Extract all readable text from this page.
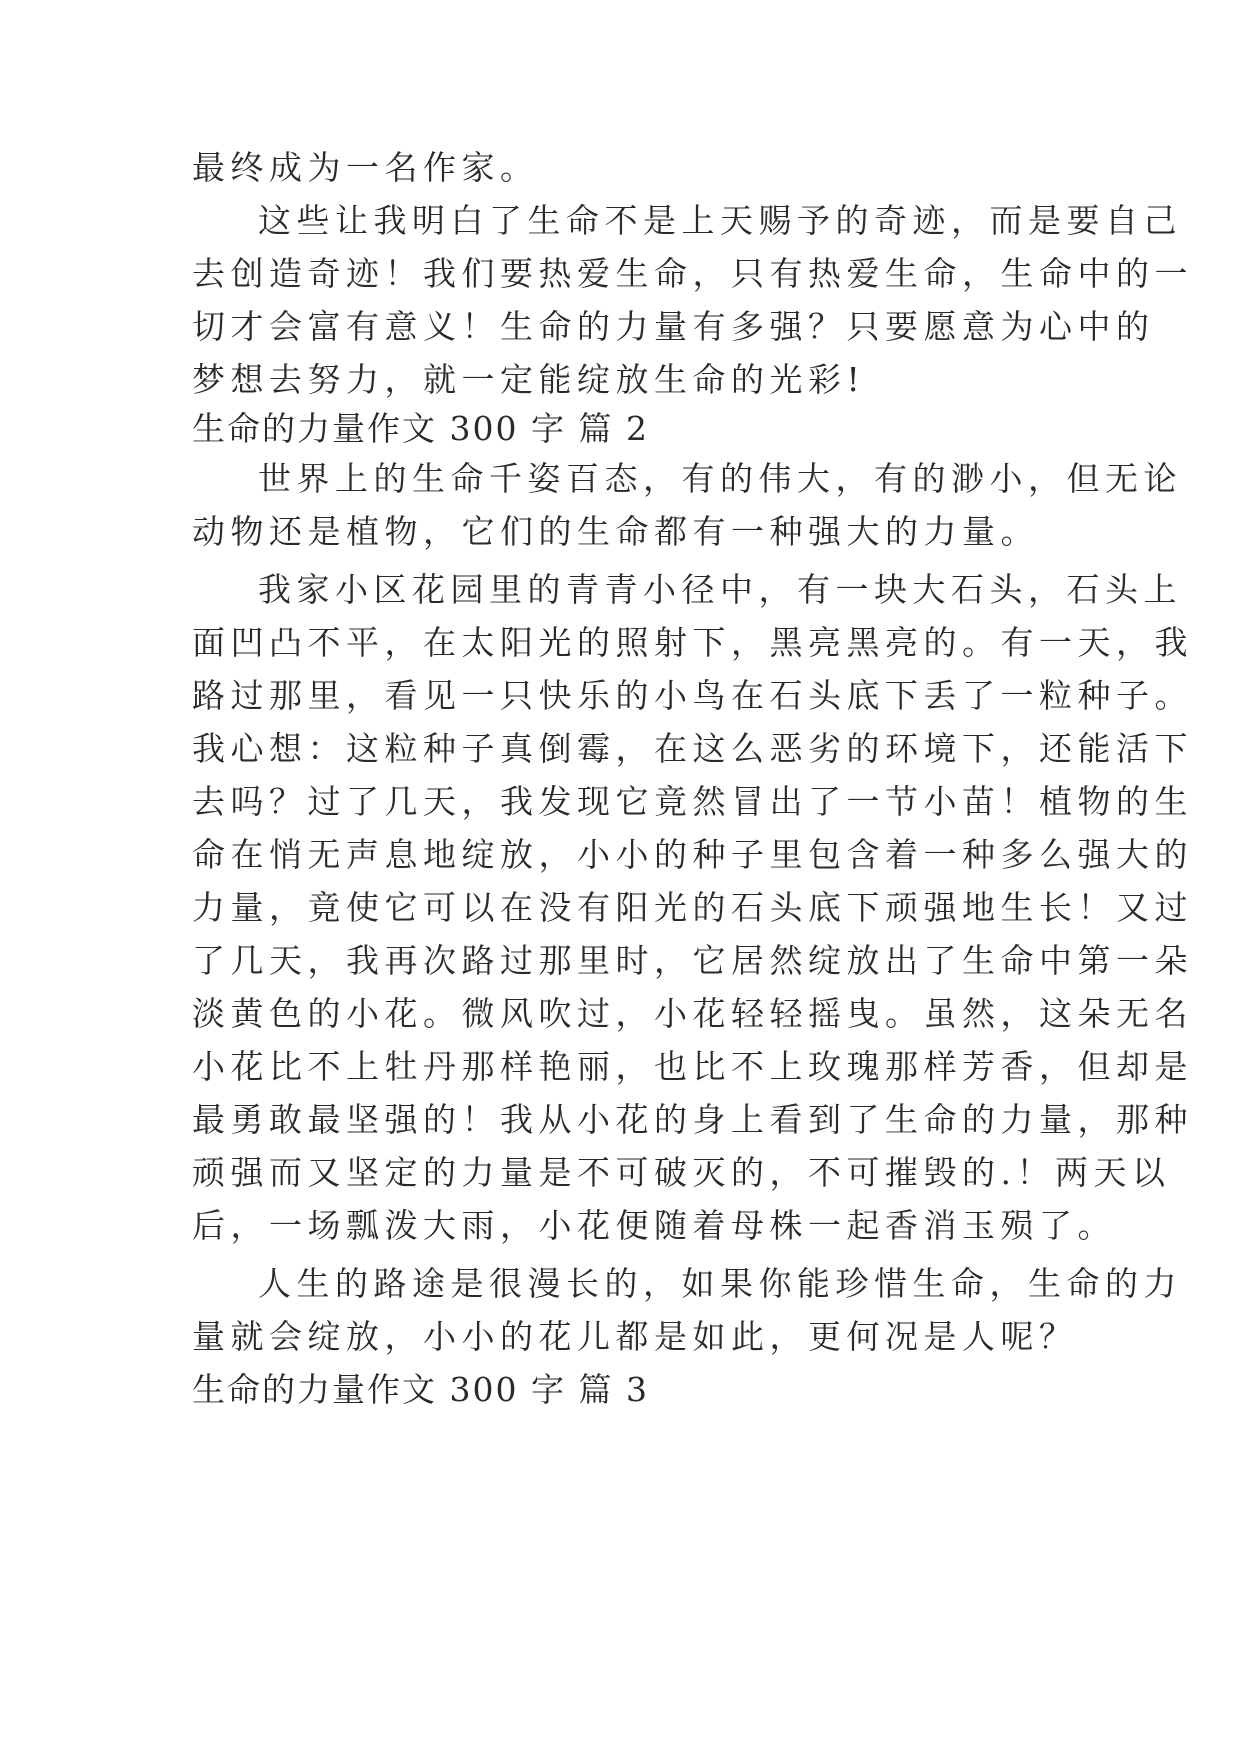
最终成为一名作家。
这些让我明白了生命不是上天赐予的奇迹，而是要自己
去创造奇迹！我们要热爱生命，只有热爱生命，生命中的一
切才会富有意义！生命的力量有多强？只要愿意为心中的
梦想去努力，就一定能绽放生命的光彩!
生命的力量作文 300 字 篇 2
世界上的生命千姿百态，有的伟大，有的渺小，但无论
动物还是植物，它们的生命都有一种强大的力量。
我家小区花园里的青青小径中，有一块大石头，石头上
面凹凸不平，在太阳光的照射下，黑亮黑亮的。有一天，我
路过那里，看见一只快乐的小鸟在石头底下丢了一粒种子。
我心想：这粒种子真倒霉，在这么恶劣的环境下，还能活下
去吗？过了几天，我发现它竟然冒出了一节小苗！植物的生
命在悄无声息地绽放，小小的种子里包含着一种多么强大的
力量，竟使它可以在没有阳光的石头底下顽强地生长！又过
了几天，我再次路过那里时，它居然绽放出了生命中第一朵
淡黄色的小花。微风吹过，小花轻轻摇曳。虽然，这朵无名
小花比不上牡丹那样艳丽，也比不上玫瑰那样芳香，但却是
最勇敢最坚强的！我从小花的身上看到了生命的力量，那种
顽强而又坚定的力量是不可破灭的，不可摧毁的.！两天以
后，一场瓢泼大雨，小花便随着母株一起香消玉殒了。
人生的路途是很漫长的，如果你能珍惜生命，生命的力
量就会绽放，小小的花儿都是如此，更何况是人呢？
生命的力量作文 300 字 篇 3
